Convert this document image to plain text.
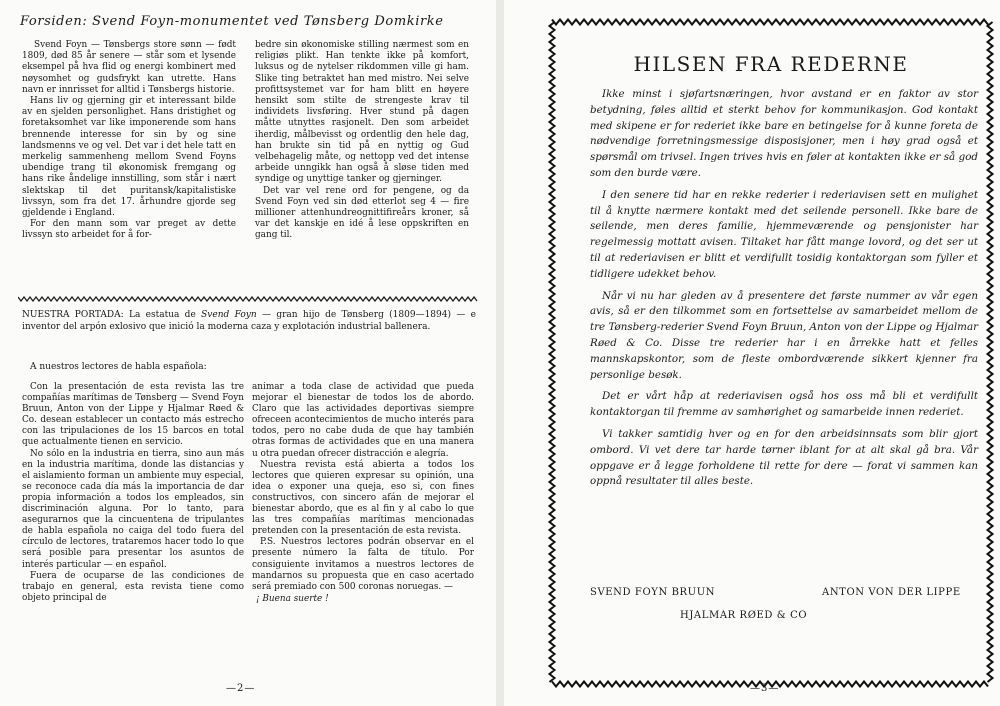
Forsiden: Svend Foyn-monumentet ved Tønsberg Domkirke

Svend Foyn — Tønsbergs store sønn — født 1809, død 85 år senere — står som et lysende eksempel på hva flid og energi kombinert med nøysomhet og gudsfrykt kan utrette. Hans navn er innrisset for alltid i Tønsbergs historie.

Hans liv og gjerning gir et interessant bilde av en sjelden personlighet. Hans dristighet og foretaksomhet var like imponerende som hans brennende interesse for sin by og sine landsmenns ve og vel. Det var i det hele tatt en merkelig sammenheng mellom Svend Foyns ubendige trang til økonomisk fremgang og hans rike åndelige innstilling, som står i nært slektskap til det puritansk/kapitalistiske livssyn, som fra det 17. århundre gjorde seg gjeldende i England.

For den mann som var preget av dette livssyn sto arbeidet for å for-

bedre sin økonomiske stilling nærmest som en religiøs plikt. Han tenkte ikke på komfort, luksus og de nytelser rikdommen ville gi ham. Slike ting betraktet han med mistro. Nei selve profittsystemet var for ham blitt en høyere hensikt som stilte de strengeste krav til individets livsføring. Hver stund på dagen måtte utnyttes rasjonelt. Den som arbeidet iherdig, målbevisst og ordentlig den hele dag, han brukte sin tid på en nyttig og Gud velbehagelig måte, og nettopp ved det intense arbeide unngikk han også å sløse tiden med syndige og unyttige tanker og gjerninger.

Det var vel rene ord for pengene, og da Svend Foyn ved sin død etterlot seg 4 — fire millioner attenhundreognittifireårs kroner, så var det kanskje en idé å lese oppskriften en gang til.

NUESTRA PORTADA: La estatua de Svend Foyn — gran hijo de Tønsberg (1809—1894) — e inventor del arpón exlosivo que inició la moderna caza y explotación industrial ballenera.
A nuestros lectores de habla española:

Con la presentación de esta revista las tre compañías marítimas de Tønsberg — Svend Foyn Bruun, Anton von der Lippe y Hjalmar Røed & Co. desean establecer un contacto más estrecho con las tripulaciones de los 15 barcos en total que actualmente tienen en servicio.

No sólo en la industria en tierra, sino aun más en la industria marítima, donde las distancias y el aislamiento forman un ambiente muy especial, se reconoce cada día más la importancia de dar propia información a todos los empleados, sin discriminación alguna. Por lo tanto, para asegurarnos que la cincuentena de tripulantes de habla española no caiga del todo fuera del círculo de lectores, trataremos hacer todo lo que será posible para presentar los asuntos de interés particular — en español.

Fuera de ocuparse de las condiciones de trabajo en general, esta revista tiene como objeto principal de

animar a toda clase de actividad que pueda mejorar el bienestar de todos los de abordo. Claro que las actividades deportivas siempre ofreceen acontecimientos de mucho interés para todos, pero no cabe duda de que hay también otras formas de actividades que en una manera u otra puedan ofrecer distracción e alegría.

Nuestra revista está abierta a todos los lectores que quieren expresar su opinión, una idea o exponer una queja, eso si, con fines constructivos, con sincero afán de mejorar el bienestar abordo, que es al fin y al cabo lo que las tres compañías marítimas mencionadas pretenden con la presentación de esta revista.

P.S. Nuestros lectores podrán observar en el presente número la falta de título. Por consiguiente invitamos a nuestros lectores de mandarnos su propuesta que en caso acertado será premiado con 500 coronas noruegas. —

¡ Buena suerte !

—2—
HILSEN FRA REDERNE

Ikke minst i sjøfartsnæringen, hvor avstand er en faktor av stor betydning, føles alltid et sterkt behov for kommunikasjon. God kontakt med skipene er for rederiet ikke bare en betingelse for å kunne foreta de nødvendige forretningsmessige disposisjoner, men i høy grad også et spørsmål om trivsel. Ingen trives hvis en føler at kontakten ikke er så god som den burde være.

I den senere tid har en rekke rederier i rederiavisen sett en mulighet til å knytte nærmere kontakt med det seilende personell. Ikke bare de seilende, men deres familie, hjemmeværende og pensjonister har regelmessig mottatt avisen. Tiltaket har fått mange lovord, og det ser ut til at rederiavisen er blitt et verdifullt tosidig kontaktorgan som fyller et tidligere udekket behov.

Når vi nu har gleden av å presentere det første nummer av vår egen avis, så er den tilkommet som en fortsettelse av samarbeidet mellom de tre Tønsberg-rederier Svend Foyn Bruun, Anton von der Lippe og Hjalmar Røed & Co. Disse tre rederier har i en årrekke hatt et felles mannskapskontor, som de fleste ombordværende sikkert kjenner fra personlige besøk.

Det er vårt håp at rederiavisen også hos oss må bli et verdifullt kontaktorgan til fremme av samhørighet og samarbeide innen rederiet.

Vi takker samtidig hver og en for den arbeidsinnsats som blir gjort ombord. Vi vet dere tar harde tørner iblant for at alt skal gå bra. Vår oppgave er å legge forholdene til rette for dere — forat vi sammen kan oppnå resultater til alles beste.

SVEND FOYN BRUUN	ANTON VON DER LIPPE
HJALMAR RØED & CO
—3—
